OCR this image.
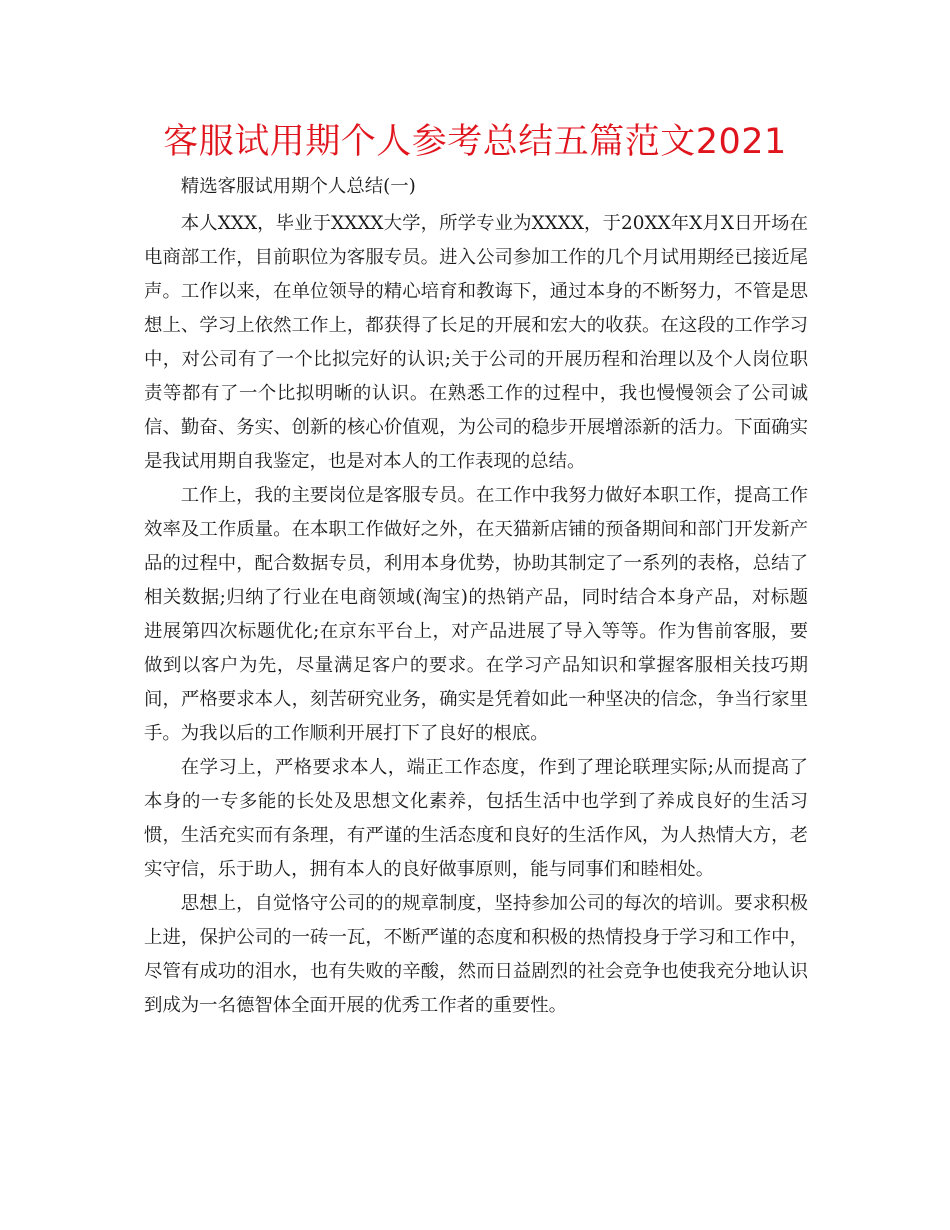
客服试用期个人参考总结五篇范文2021

精选客服试用期个人总结(一)

本人XXX，毕业于XXXX大学，所学专业为XXXX，于20XX年X月X日开场在电商部工作，目前职位为客服专员。进入公司参加工作的几个月试用期经已接近尾声。工作以来，在单位领导的精心培育和教诲下，通过本身的不断努力，不管是思想上、学习上依然工作上，都获得了长足的开展和宏大的收获。在这段的工作学习中，对公司有了一个比拟完好的认识;关于公司的开展历程和治理以及个人岗位职责等都有了一个比拟明晰的认识。在熟悉工作的过程中，我也慢慢领会了公司诚信、勤奋、务实、创新的核心价值观，为公司的稳步开展增添新的活力。下面确实是我试用期自我鉴定，也是对本人的工作表现的总结。

工作上，我的主要岗位是客服专员。在工作中我努力做好本职工作，提高工作效率及工作质量。在本职工作做好之外，在天猫新店铺的预备期间和部门开发新产品的过程中，配合数据专员，利用本身优势，协助其制定了一系列的表格，总结了相关数据;归纳了行业在电商领域(淘宝)的热销产品，同时结合本身产品，对标题进展第四次标题优化;在京东平台上，对产品进展了导入等等。作为售前客服，要做到以客户为先，尽量满足客户的要求。在学习产品知识和掌握客服相关技巧期间，严格要求本人，刻苦研究业务，确实是凭着如此一种坚决的信念，争当行家里手。为我以后的工作顺利开展打下了良好的根底。

在学习上，严格要求本人，端正工作态度，作到了理论联理实际;从而提高了本身的一专多能的长处及思想文化素养，包括生活中也学到了养成良好的生活习惯，生活充实而有条理，有严谨的生活态度和良好的生活作风，为人热情大方，老实守信，乐于助人，拥有本人的良好做事原则，能与同事们和睦相处。

思想上，自觉恪守公司的的规章制度，坚持参加公司的每次的培训。要求积极上进，保护公司的一砖一瓦，不断严谨的态度和积极的热情投身于学习和工作中，尽管有成功的泪水，也有失败的辛酸，然而日益剧烈的社会竞争也使我充分地认识到成为一名德智体全面开展的优秀工作者的重要性。
